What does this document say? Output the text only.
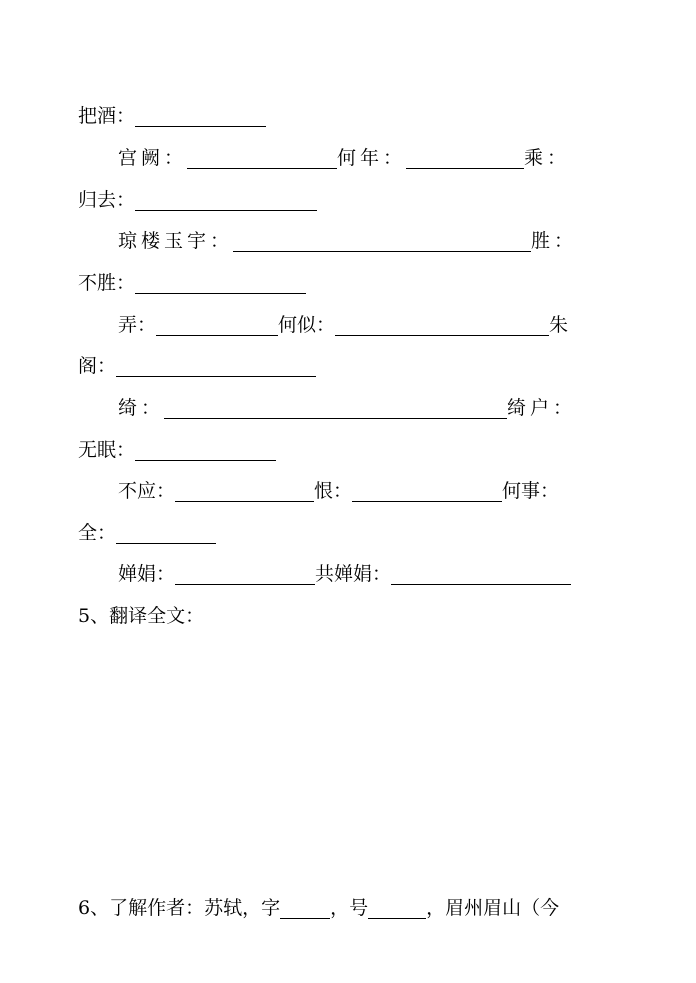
把酒：
宫阙：	何年：	乘：
归去：
琼楼玉宇：	胜：
不胜：
弄：	何似：	朱
阁：
绮：	绮户：
无眠：
不应：	恨：	何事：
全：
婵娟：	共婵娟：
5、翻译全文：
6、了解作者：苏轼，字	，号	，眉州眉山（今
